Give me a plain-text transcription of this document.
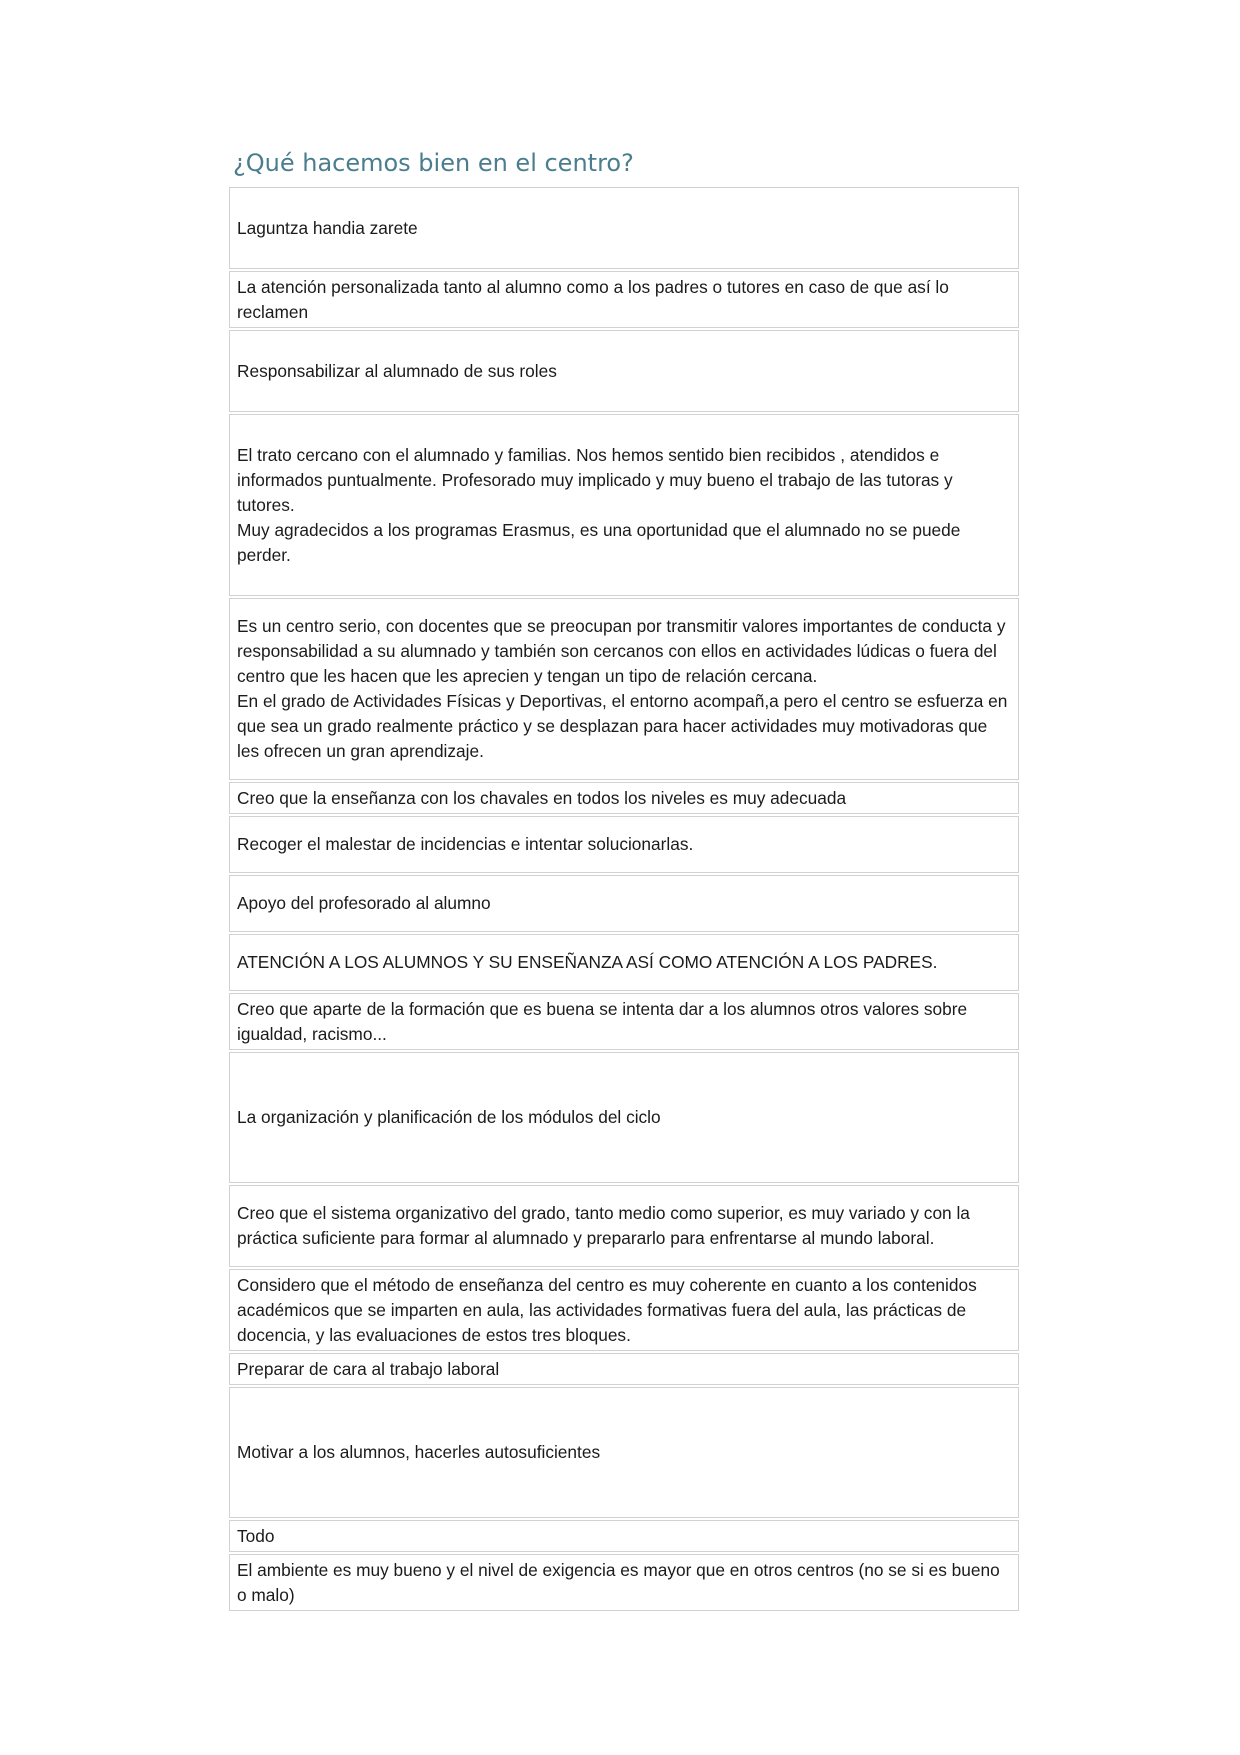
¿Qué hacemos bien en el centro?
Laguntza handia zarete
La atención personalizada tanto al alumno como a los padres o tutores en caso de que así lo reclamen
Responsabilizar al alumnado de sus roles
El trato cercano con el alumnado y familias. Nos hemos sentido bien recibidos , atendidos e informados puntualmente. Profesorado muy implicado y muy bueno el trabajo de las tutoras y tutores.
Muy agradecidos a los programas Erasmus, es una oportunidad que el alumnado no se puede perder.
Es un centro serio, con docentes que se preocupan por transmitir valores importantes de conducta y responsabilidad a su alumnado y también son cercanos con ellos en actividades lúdicas o fuera del centro que les hacen que les aprecien y tengan un tipo de relación cercana.
En el grado de Actividades Físicas y Deportivas, el entorno acompañ,a pero el centro se esfuerza en que sea un grado realmente práctico y se desplazan para hacer actividades muy motivadoras que les ofrecen un gran aprendizaje.
Creo que la enseñanza con los chavales en todos los niveles es muy adecuada
Recoger el malestar de incidencias e intentar solucionarlas.
Apoyo del profesorado al alumno
ATENCIÓN A LOS ALUMNOS Y SU ENSEÑANZA ASÍ COMO ATENCIÓN A LOS PADRES.
Creo que aparte de la formación que es buena se intenta dar a los alumnos otros valores sobre igualdad, racismo...
La organización y planificación de los módulos del ciclo
Creo que el sistema organizativo del grado, tanto medio como superior, es muy variado y con la práctica suficiente para formar al alumnado y prepararlo para enfrentarse al mundo laboral.
Considero que el método de enseñanza del centro es muy coherente en cuanto a los contenidos académicos que se imparten en aula, las actividades formativas fuera del aula, las prácticas de docencia, y las evaluaciones de estos tres bloques.
Preparar de cara al trabajo laboral
Motivar a los alumnos, hacerles autosuficientes
Todo
El ambiente es muy bueno y el nivel de exigencia es mayor que en otros centros (no se si es bueno o malo)
